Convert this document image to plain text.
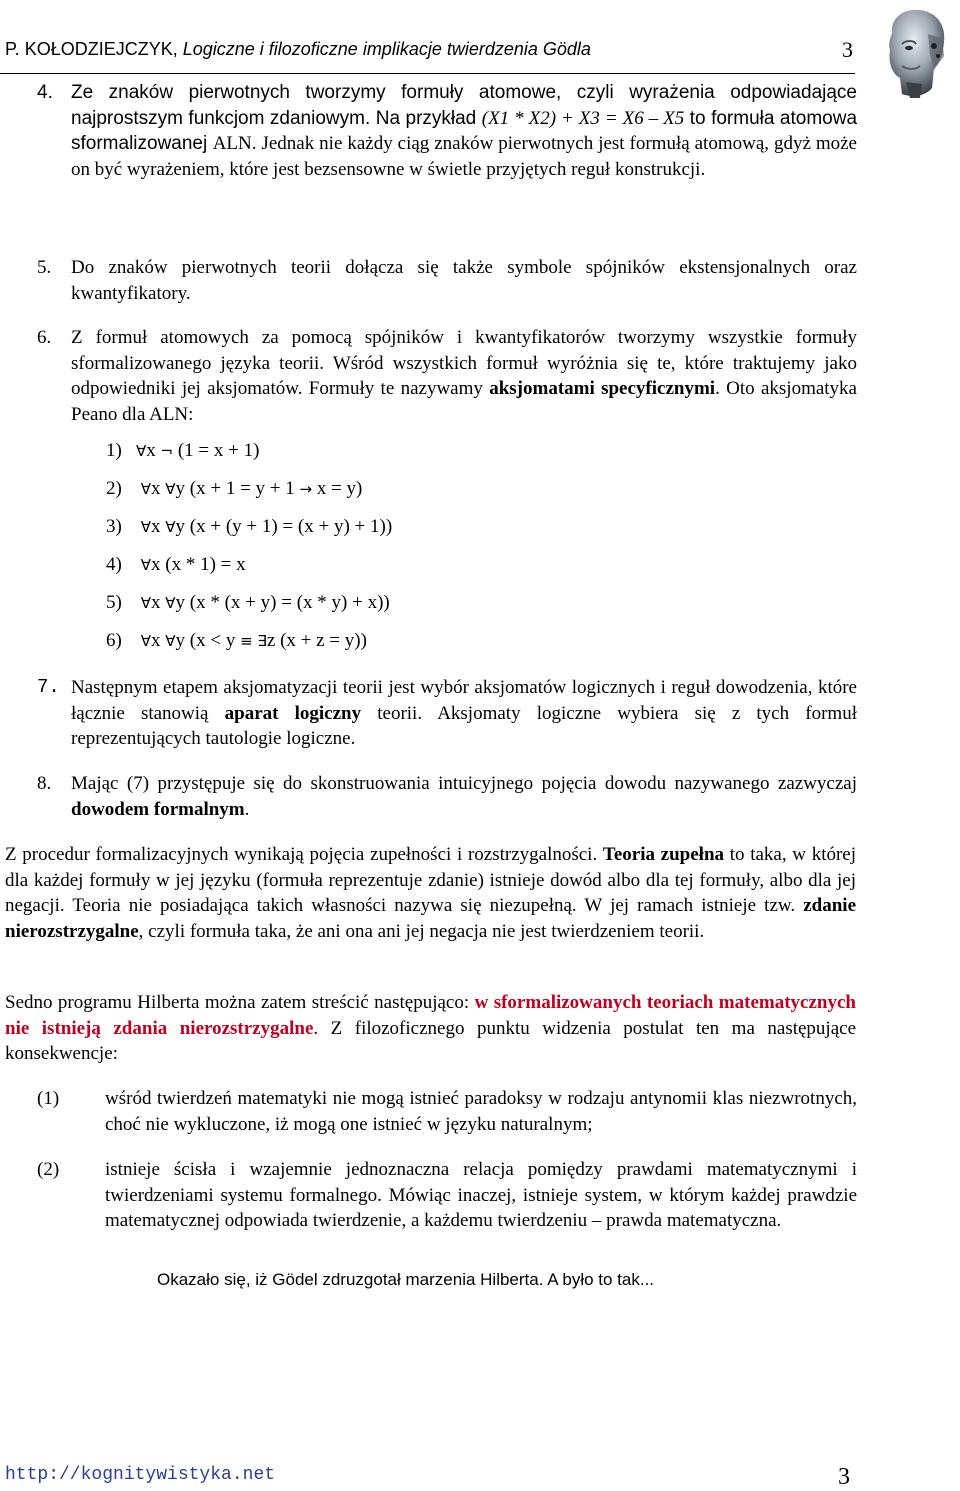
P. KOŁODZIEJCZYK, Logiczne i filozoficzne implikacje twierdzenia Gödla	3
4. Ze znaków pierwotnych tworzymy formuły atomowe, czyli wyrażenia odpowiadające najprostszym funkcjom zdaniowym. Na przykład (X1 * X2) + X3 = X6 – X5 to formuła atomowa sformalizowanej ALN. Jednak nie każdy ciąg znaków pierwotnych jest formułą atomową, gdyż może on być wyrażeniem, które jest bezsensowne w świetle przyjętych reguł konstrukcji.
5. Do znaków pierwotnych teorii dołącza się także symbole spójników ekstensjonalnych oraz kwantyfikatory.
6. Z formuł atomowych za pomocą spójników i kwantyfikatorów tworzymy wszystkie formuły sformalizowanego języka teorii. Wśród wszystkich formuł wyróżnia się te, które traktujemy jako odpowiedniki jej aksjomatów. Formuły te nazywamy aksjomatami specyficznymi. Oto aksjomatyka Peano dla ALN:
1) ∀x ¬ (1 = x + 1)
2) ∀x ∀y (x + 1 = y + 1 → x = y)
3) ∀x ∀y (x + (y + 1) = (x + y) + 1))
4) ∀x (x * 1) = x
5) ∀x ∀y (x * (x + y) = (x * y) + x))
6) ∀x ∀y (x < y ≡ ∃z (x + z = y))
7. Następnym etapem aksjomatyzacji teorii jest wybór aksjomatów logicznych i reguł dowodzenia, które łącznie stanowią aparat logiczny teorii. Aksjomaty logiczne wybiera się z tych formuł reprezentujących tautologie logiczne.
8. Mając (7) przystępuje się do skonstruowania intuicyjnego pojęcia dowodu nazywanego zazwyczaj dowodem formalnym.
Z procedur formalizacyjnych wynikają pojęcia zupełności i rozstrzygalności. Teoria zupełna to taka, w której dla każdej formuły w jej języku (formuła reprezentuje zdanie) istnieje dowód albo dla tej formuły, albo dla jej negacji. Teoria nie posiadająca takich własności nazywa się niezupełną. W jej ramach istnieje tzw. zdanie nierozstrzygalne, czyli formuła taka, że ani ona ani jej negacja nie jest twierdzeniem teorii.
Sedno programu Hilberta można zatem streścić następująco: w sformalizowanych teoriach matematycznych nie istnieją zdania nierozstrzygalne. Z filozoficznego punktu widzenia postulat ten ma następujące konsekwencje:
(1) wśród twierdzeń matematyki nie mogą istnieć paradoksy w rodzaju antynomii klas niezwrotnych, choć nie wykluczone, iż mogą one istnieć w języku naturalnym;
(2) istnieje ścisła i wzajemnie jednoznaczna relacja pomiędzy prawdami matematycznymi i twierdzeniami systemu formalnego. Mówiąc inaczej, istnieje system, w którym każdej prawdzie matematycznej odpowiada twierdzenie, a każdemu twierdzeniu – prawda matematyczna.
Okazało się, iż Gödel zdruzgotał marzenia Hilberta. A było to tak...
http://kognitywistyka.net	3
